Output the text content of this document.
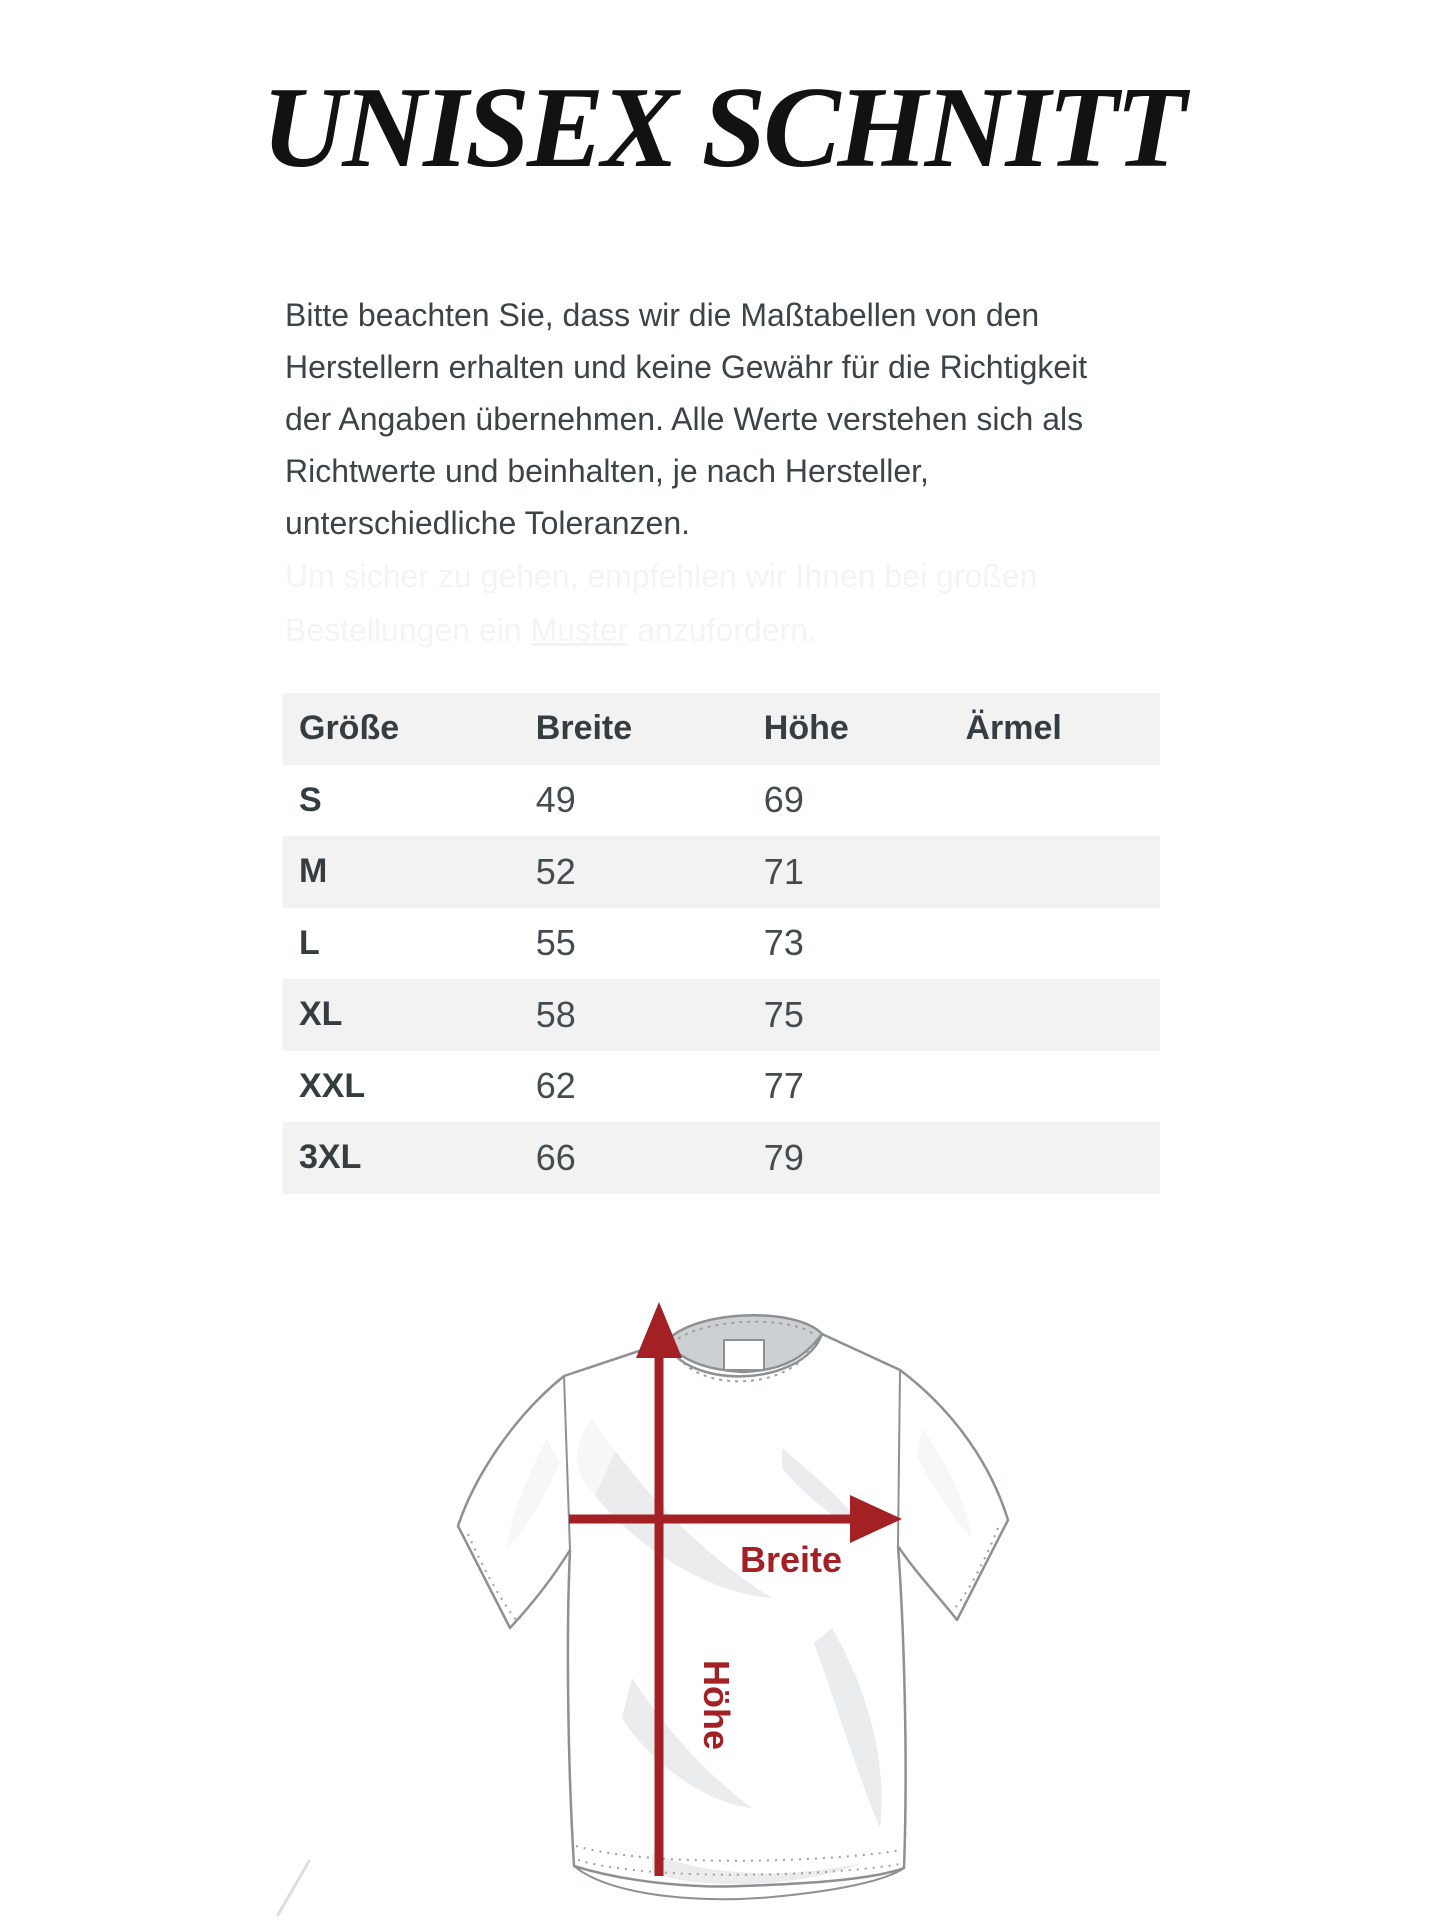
UNISEX SCHNITT
Bitte beachten Sie, dass wir die Maßtabellen von den
Herstellern erhalten und keine Gewähr für die Richtigkeit
der Angaben übernehmen. Alle Werte verstehen sich als
Richtwerte und beinhalten, je nach Hersteller,
unterschiedliche Toleranzen.
Um sicher zu gehen, empfehlen wir Ihnen bei großen
Bestellungen ein Muster anzufordern.
Größe	Breite	Höhe	Ärmel
S	49	69
M	52	71
L	55	73
XL	58	75
XXL	62	77
3XL	66	79
Breite
Höhe
